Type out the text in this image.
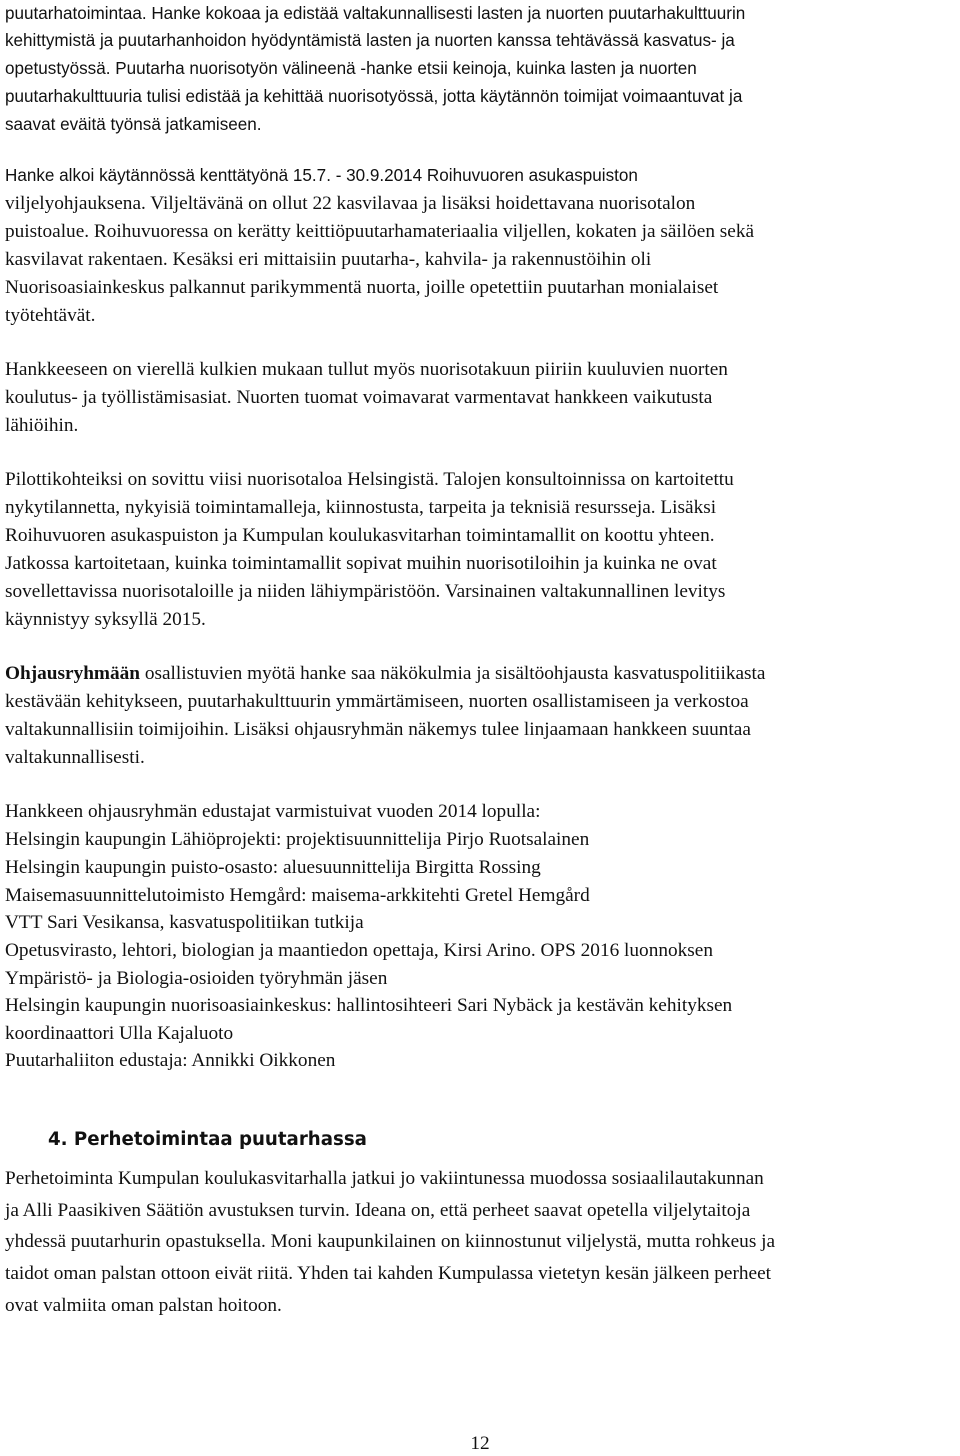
puutarhatoimintaa. Hanke kokoaa ja edistää valtakunnallisesti lasten ja nuorten puutarhakulttuurin

kehittymistä ja puutarhanhoidon hyödyntämistä lasten ja nuorten kanssa tehtävässä kasvatus- ja

opetustyössä. Puutarha nuorisotyön välineenä -hanke etsii keinoja, kuinka lasten ja nuorten

puutarhakulttuuria tulisi edistää ja kehittää nuorisotyössä, jotta käytännön toimijat voimaantuvat ja

saavat eväitä työnsä jatkamiseen.

Hanke alkoi käytännössä kenttätyönä 15.7. - 30.9.2014 Roihuvuoren asukaspuiston

viljelyohjauksena. Viljeltävänä on ollut 22 kasvilavaa ja lisäksi hoidettavana nuorisotalon

puistoalue. Roihuvuoressa on kerätty keittiöpuutarhamateriaalia viljellen, kokaten ja säilöen sekä

kasvilavat rakentaen. Kesäksi eri mittaisiin puutarha-, kahvila- ja rakennustöihin oli

Nuorisoasiainkeskus palkannut parikymmentä nuorta, joille opetettiin puutarhan monialaiset

työtehtävät.

Hankkeeseen on vierellä kulkien mukaan tullut myös nuorisotakuun piiriin kuuluvien nuorten

koulutus- ja työllistämisasiat. Nuorten tuomat voimavarat varmentavat hankkeen vaikutusta

lähiöihin.

Pilottikohteiksi on sovittu viisi nuorisotaloa Helsingistä. Talojen konsultoinnissa on kartoitettu

nykytilannetta, nykyisiä toimintamalleja, kiinnostusta, tarpeita ja teknisiä resursseja. Lisäksi

Roihuvuoren asukaspuiston ja Kumpulan koulukasvitarhan toimintamallit on koottu yhteen.

Jatkossa kartoitetaan, kuinka toimintamallit sopivat muihin nuorisotiloihin ja kuinka ne ovat

sovellettavissa nuorisotaloille ja niiden lähiympäristöön. Varsinainen valtakunnallinen levitys

käynnistyy syksyllä 2015.

Ohjausryhmään osallistuvien myötä hanke saa näkökulmia ja sisältöohjausta kasvatuspolitiikasta

kestävään kehitykseen, puutarhakulttuurin ymmärtämiseen, nuorten osallistamiseen ja verkostoa

valtakunnallisiin toimijoihin. Lisäksi ohjausryhmän näkemys tulee linjaamaan hankkeen suuntaa

valtakunnallisesti.

Hankkeen ohjausryhmän edustajat varmistuivat vuoden 2014 lopulla:

Helsingin kaupungin Lähiöprojekti: projektisuunnittelija Pirjo Ruotsalainen

Helsingin kaupungin puisto-osasto: aluesuunnittelija Birgitta Rossing

Maisemasuunnittelutoimisto Hemgård: maisema-arkkitehti Gretel Hemgård

VTT Sari Vesikansa, kasvatuspolitiikan tutkija

Opetusvirasto, lehtori, biologian ja maantiedon opettaja, Kirsi Arino. OPS 2016 luonnoksen

Ympäristö- ja Biologia-osioiden työryhmän jäsen

Helsingin kaupungin nuorisoasiainkeskus: hallintosihteeri Sari Nybäck ja kestävän kehityksen

koordinaattori Ulla Kajaluoto

Puutarhaliiton edustaja: Annikki Oikkonen

4. Perhetoimintaa puutarhassa

Perhetoiminta Kumpulan koulukasvitarhalla jatkui jo vakiintunessa muodossa sosiaalilautakunnan

ja Alli Paasikiven Säätiön avustuksen turvin. Ideana on, että perheet saavat opetella viljelytaitoja

yhdessä puutarhurin opastuksella. Moni kaupunkilainen on kiinnostunut viljelystä, mutta rohkeus ja

taidot oman palstan ottoon eivät riitä. Yhden tai kahden Kumpulassa vietetyn kesän jälkeen perheet

ovat valmiita oman palstan hoitoon.

12
